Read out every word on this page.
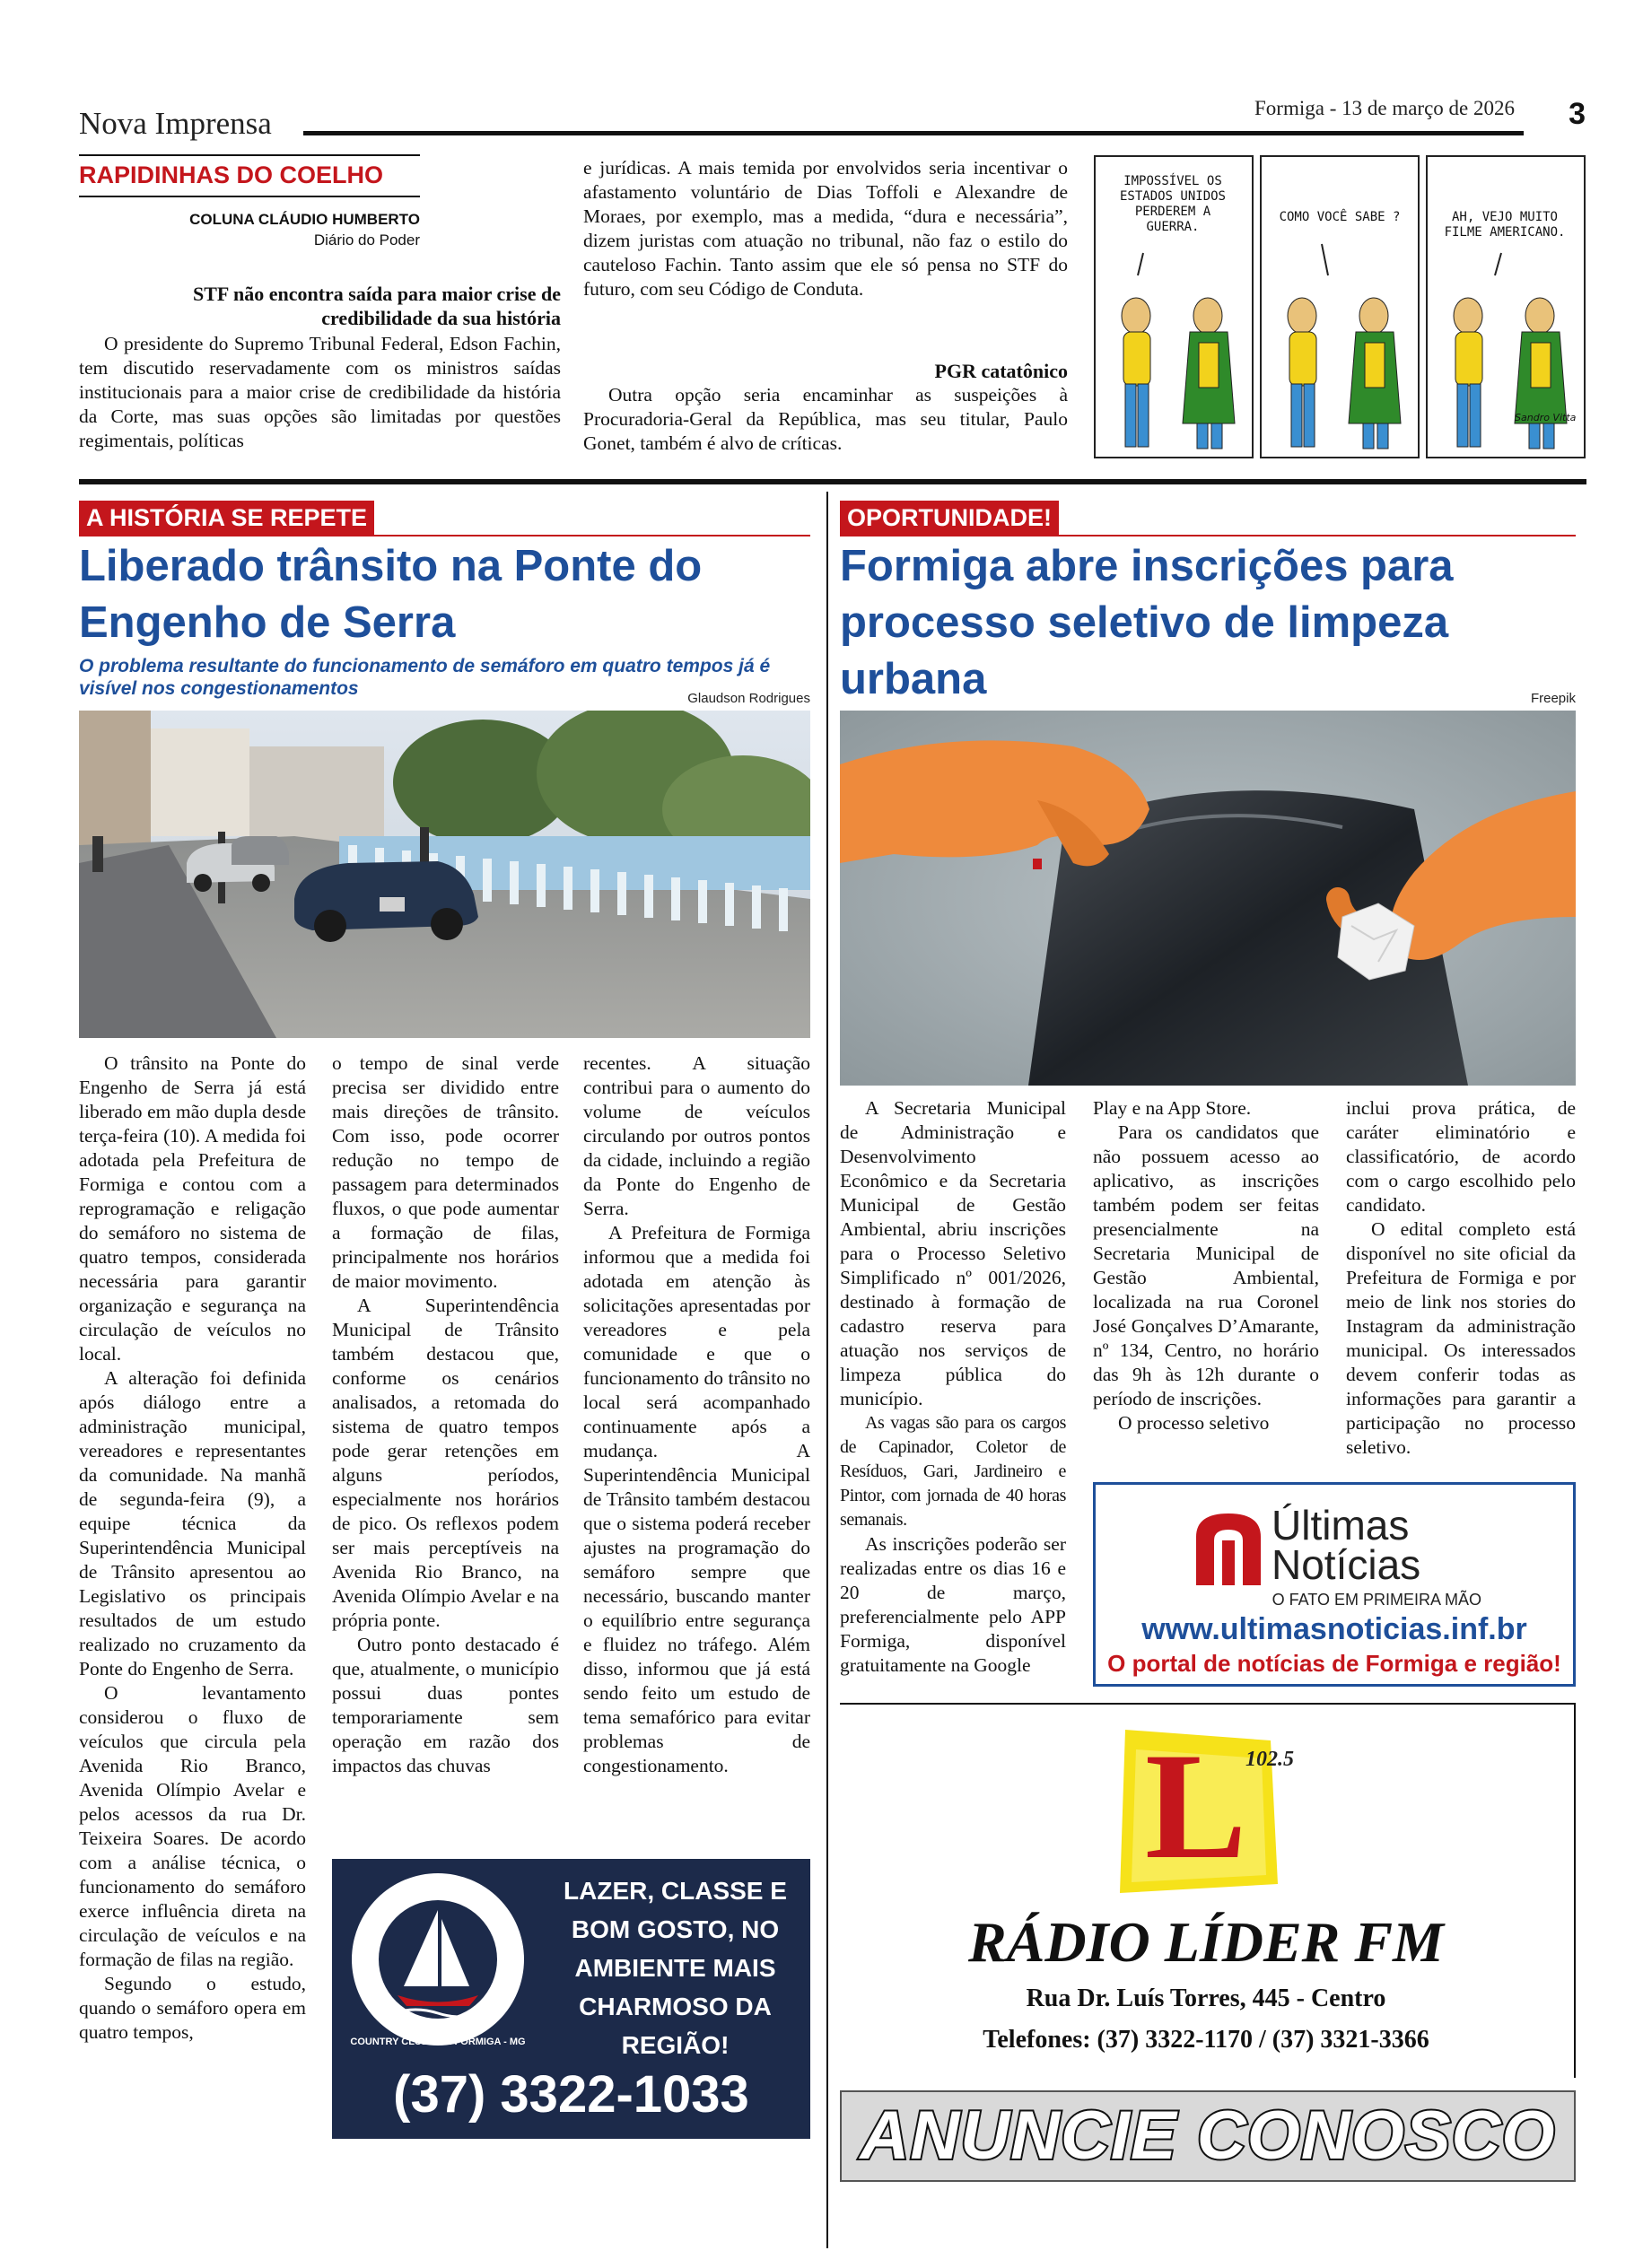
Nova Imprensa	Formiga - 13 de março de 2026	3
RAPIDINHAS DO COELHO
COLUNA CLÁUDIO HUMBERTO
Diário do Poder
STF não encontra saída para maior crise de credibilidade da sua história

O presidente do Supremo Tribunal Federal, Edson Fachin, tem discutido reservadamente com os ministros saídas institucionais para a maior crise de credibilidade da história da Corte, mas suas opções são limitadas por questões regimentais, políticas

e jurídicas. A mais temida por envolvidos seria incentivar o afastamento voluntário de Dias Toffoli e Alexandre de Moraes, por exemplo, mas a medida, “dura e necessária”, dizem juristas com atuação no tribunal, não faz o estilo do cauteloso Fachin. Tanto assim que ele só pensa no STF do futuro, com seu Código de Conduta.

PGR catatônico

Outra opção seria encaminhar as suspeições à Procuradoria-Geral da República, mas seu titular, Paulo Gonet, também é alvo de críticas.

IMPOSSÍVEL OS ESTADOS UNIDOS PERDEREM A GUERRA.
COMO VOCÊ SABE ?	AH, VEJO MUITO FILME AMERICANO.
Sandro Vitta
A HISTÓRIA SE REPETE
Liberado trânsito na Ponte do Engenho de Serra
O problema resultante do funcionamento de semáforo em quatro tempos já é visível nos congestionamentos	Glaudson Rodrigues

O trânsito na Ponte do Engenho de Serra já está liberado em mão dupla desde terça-feira (10). A medida foi adotada pela Prefeitura de Formiga e contou com a reprogramação e religação do semáforo no sistema de quatro tempos, considerada necessária para garantir organização e segurança na circulação de veículos no local.

A alteração foi definida após diálogo entre a administração municipal, vereadores e representantes da comunidade. Na manhã de segunda-feira (9), a equipe técnica da Superintendência Municipal de Trânsito apresentou ao Legislativo os principais resultados de um estudo realizado no cruzamento da Ponte do Engenho de Serra.

O levantamento considerou o fluxo de veículos que circula pela Avenida Rio Branco, Avenida Olímpio Avelar e pelos acessos da rua Dr. Teixeira Soares. De acordo com a análise técnica, o funcionamento do semáforo exerce influência direta na circulação de veículos e na formação de filas na região.

Segundo o estudo, quando o semáforo opera em quatro tempos,

o tempo de sinal verde precisa ser dividido entre mais direções de trânsito. Com isso, pode ocorrer redução no tempo de passagem para determinados fluxos, o que pode aumentar a formação de filas, principalmente nos horários de maior movimento.

A Superintendência Municipal de Trânsito também destacou que, conforme os cenários analisados, a retomada do sistema de quatro tempos pode gerar retenções em alguns períodos, especialmente nos horários de pico. Os reflexos podem ser mais perceptíveis na Avenida Rio Branco, na Avenida Olímpio Avelar e na própria ponte.

Outro ponto destacado é que, atualmente, o município possui duas pontes temporariamente sem operação em razão dos impactos das chuvas

recentes. A situação contribui para o aumento do volume de veículos circulando por outros pontos da cidade, incluindo a região da Ponte do Engenho de Serra.

A Prefeitura de Formiga informou que a medida foi adotada em atenção às solicitações apresentadas por vereadores e pela comunidade e que o funcionamento do trânsito no local será acompanhado continuamente após a mudança. A Superintendência Municipal de Trânsito também destacou que o sistema poderá receber ajustes na programação do semáforo sempre que necessário, buscando manter o equilíbrio entre segurança e fluidez no tráfego. Além disso, informou que já está sendo feito um estudo de tema semafórico para evitar problemas de congestionamento.

COUNTRY CLUBE DE FORMIGA - MG
LAZER, CLASSE E BOM GOSTO, NO AMBIENTE MAIS CHARMOSO DA REGIÃO!
(37) 3322-1033
OPORTUNIDADE!
Formiga abre inscrições para processo seletivo de limpeza urbana	Freepik

A Secretaria Municipal de Administração e Desenvolvimento Econômico e da Secretaria Municipal de Gestão Ambiental, abriu inscrições para o Processo Seletivo Simplificado nº 001/2026, destinado à formação de cadastro reserva para atuação nos serviços de limpeza pública do município.

As vagas são para os cargos de Capinador, Coletor de Resíduos, Gari, Jardineiro e Pintor, com jornada de 40 horas semanais.

As inscrições poderão ser realizadas entre os dias 16 e 20 de março, preferencialmente pelo APP Formiga, disponível gratuitamente na Google

Play e na App Store.

Para os candidatos que não possuem acesso ao aplicativo, as inscrições também podem ser feitas presencialmente na Secretaria Municipal de Gestão Ambiental, localizada na rua Coronel José Gonçalves D’Amarante, nº 134, Centro, no horário das 9h às 12h durante o período de inscrições.

O processo seletivo

inclui prova prática, de caráter eliminatório e classificatório, de acordo com o cargo escolhido pelo candidato.

O edital completo está disponível no site oficial da Prefeitura de Formiga e por meio de link nos stories do Instagram da administração municipal. Os interessados devem conferir todas as informações para garantir a participação no processo seletivo.

Últimas
Notícias
O FATO EM PRIMEIRA MÃO
www.ultimasnoticias.inf.br
O portal de notícias de Formiga e região!
L
102.5
RÁDIO LÍDER FM
Rua Dr. Luís Torres, 445 - Centro
Telefones: (37) 3322-1170 / (37) 3321-3366
ANUNCIE CONOSCO
